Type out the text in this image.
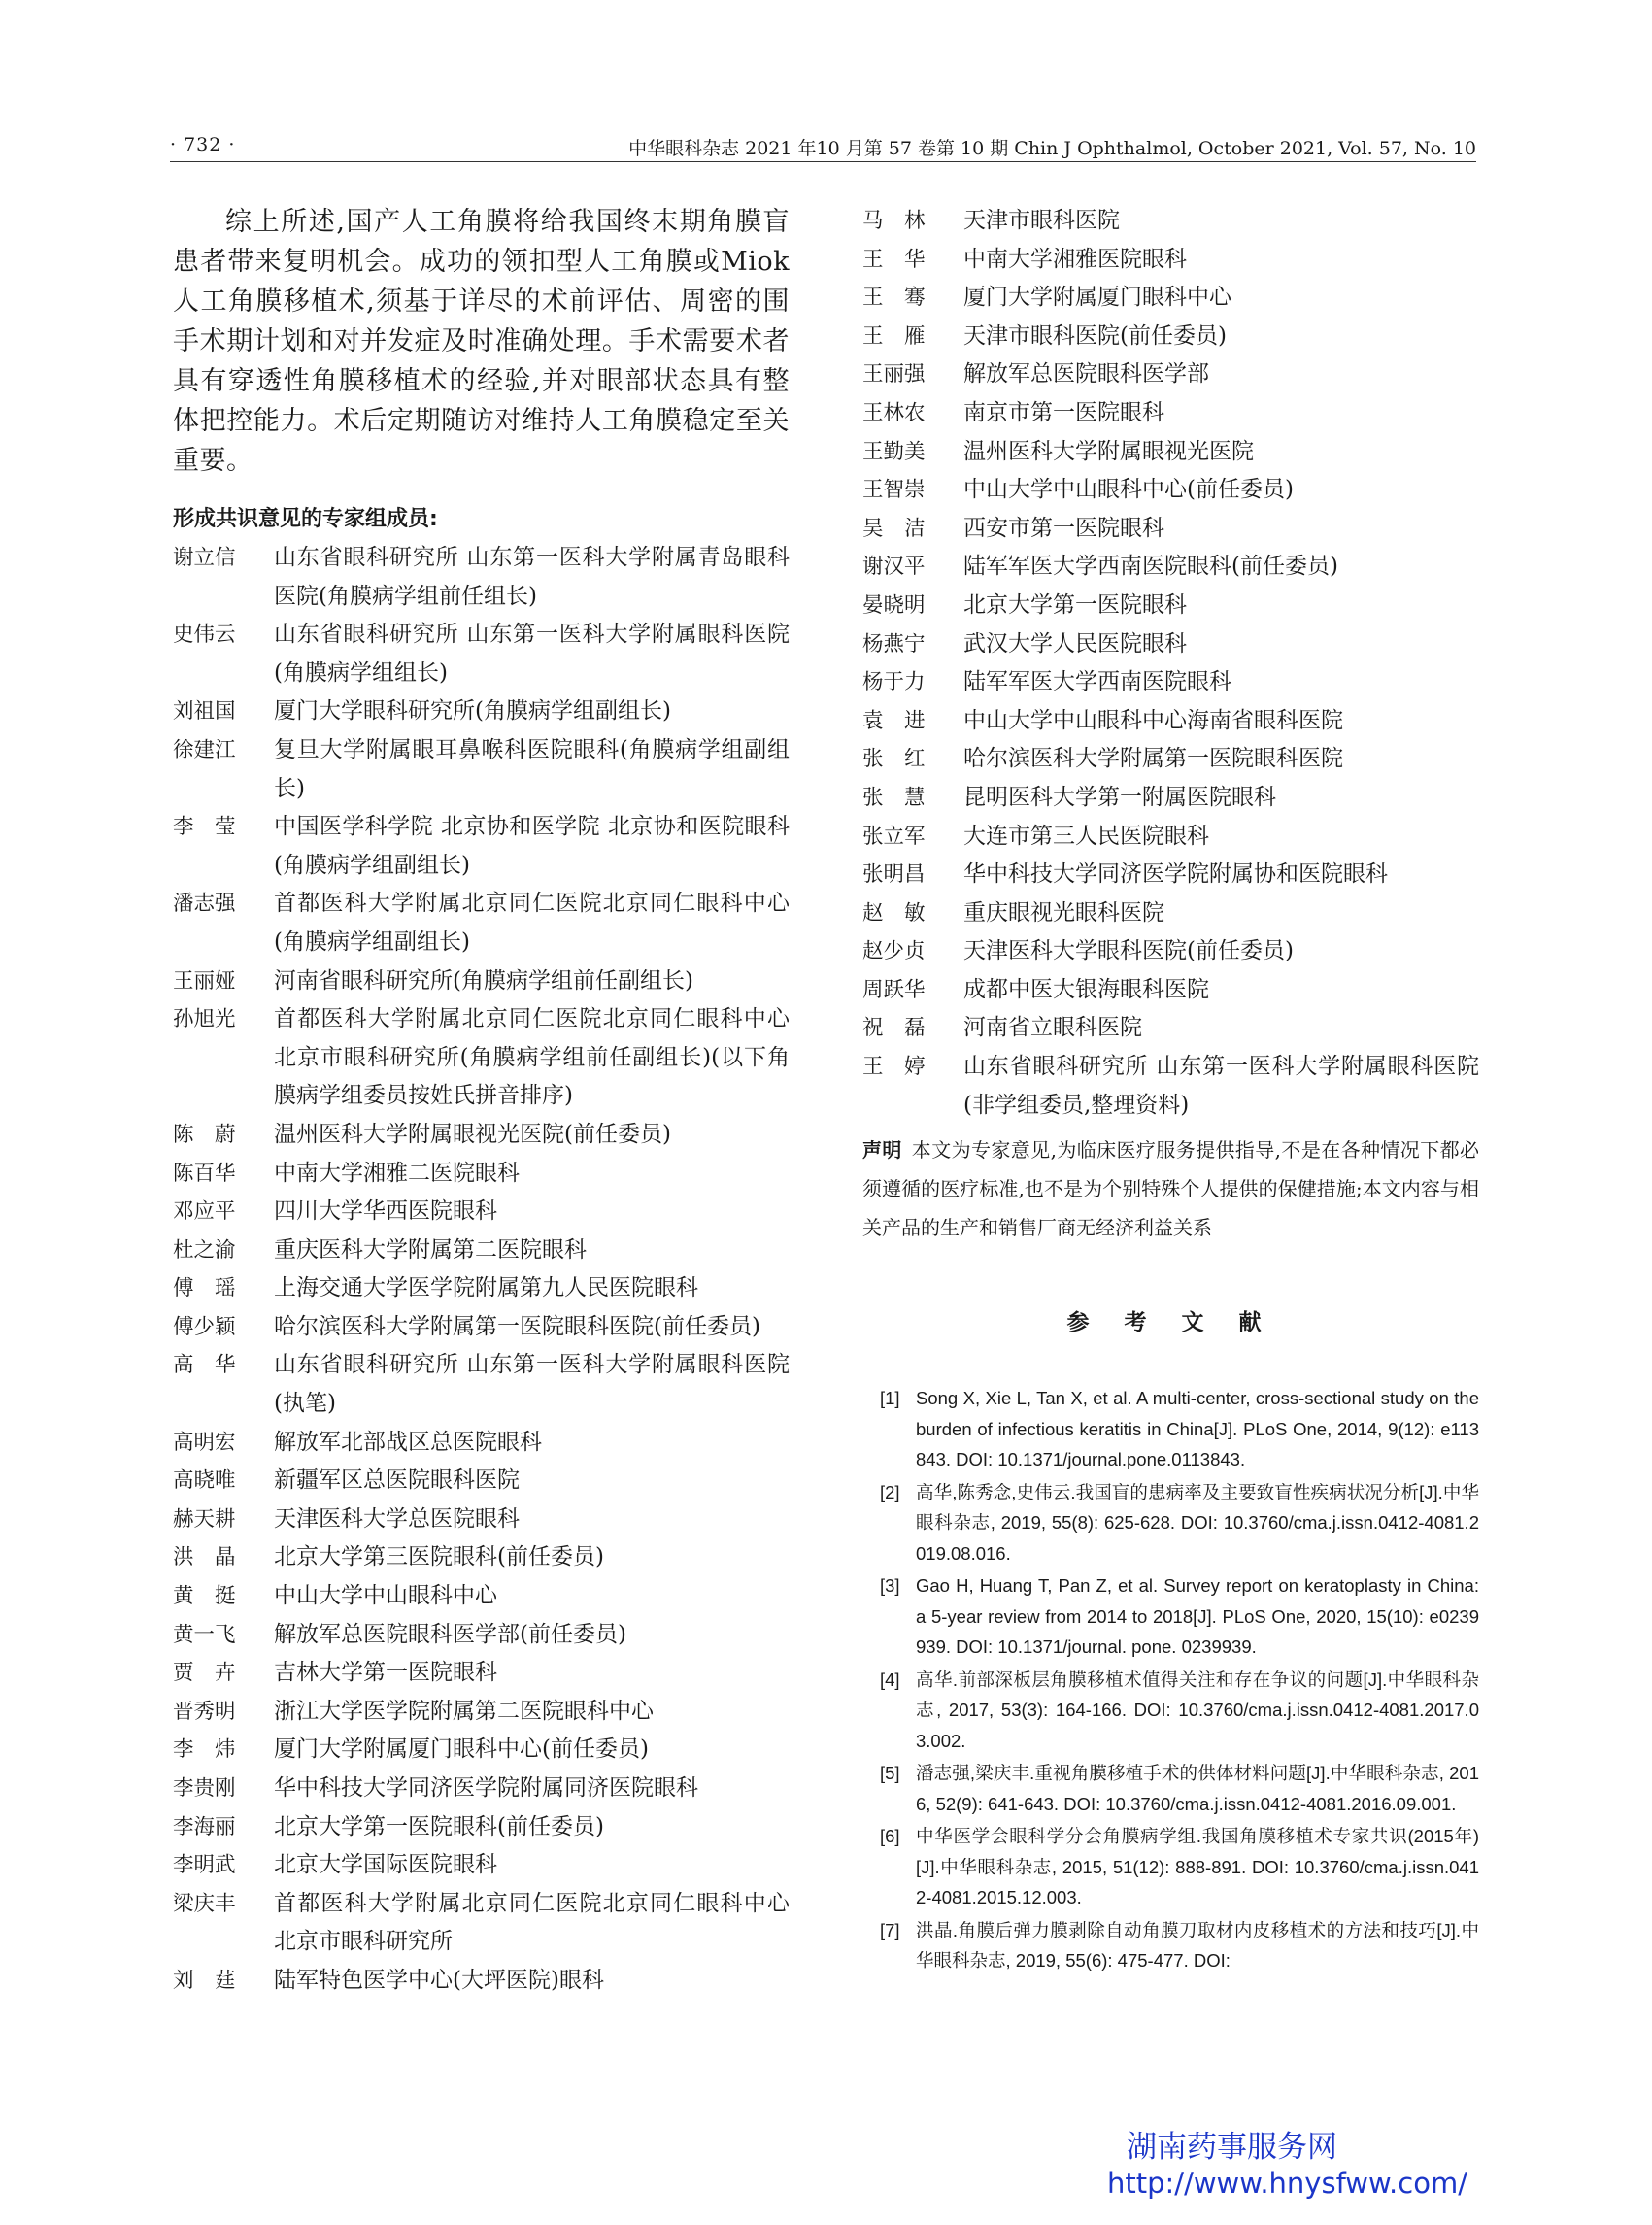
· 732 ·	中华眼科杂志 2021 年10 月第 57 卷第 10 期 Chin J Ophthalmol, October 2021, Vol. 57, No. 10

综上所述,国产人工角膜将给我国终末期角膜盲患者带来复明机会。成功的领扣型人工角膜或Miok人工角膜移植术,须基于详尽的术前评估、周密的围手术期计划和对并发症及时准确处理。手术需要术者具有穿透性角膜移植术的经验,并对眼部状态具有整体把控能力。术后定期随访对维持人工角膜稳定至关重要。

形成共识意见的专家组成员:
谢立信	山东省眼科研究所 山东第一医科大学附属青岛眼科医院(角膜病学组前任组长)
史伟云	山东省眼科研究所 山东第一医科大学附属眼科医院(角膜病学组组长)
刘祖国	厦门大学眼科研究所(角膜病学组副组长)
徐建江	复旦大学附属眼耳鼻喉科医院眼科(角膜病学组副组长)
李　莹	中国医学科学院 北京协和医学院 北京协和医院眼科(角膜病学组副组长)
潘志强	首都医科大学附属北京同仁医院北京同仁眼科中心(角膜病学组副组长)
王丽娅	河南省眼科研究所(角膜病学组前任副组长)
孙旭光	首都医科大学附属北京同仁医院北京同仁眼科中心 北京市眼科研究所(角膜病学组前任副组长)(以下角膜病学组委员按姓氏拼音排序)
陈　蔚	温州医科大学附属眼视光医院(前任委员)
陈百华	中南大学湘雅二医院眼科
邓应平	四川大学华西医院眼科
杜之渝	重庆医科大学附属第二医院眼科
傅　瑶	上海交通大学医学院附属第九人民医院眼科
傅少颖	哈尔滨医科大学附属第一医院眼科医院(前任委员)
高　华	山东省眼科研究所 山东第一医科大学附属眼科医院(执笔)
高明宏	解放军北部战区总医院眼科
高晓唯	新疆军区总医院眼科医院
赫天耕	天津医科大学总医院眼科
洪　晶	北京大学第三医院眼科(前任委员)
黄　挺	中山大学中山眼科中心
黄一飞	解放军总医院眼科医学部(前任委员)
贾　卉	吉林大学第一医院眼科
晋秀明	浙江大学医学院附属第二医院眼科中心
李　炜	厦门大学附属厦门眼科中心(前任委员)
李贵刚	华中科技大学同济医学院附属同济医院眼科
李海丽	北京大学第一医院眼科(前任委员)
李明武	北京大学国际医院眼科
梁庆丰	首都医科大学附属北京同仁医院北京同仁眼科中心 北京市眼科研究所
刘　莛	陆军特色医学中心(大坪医院)眼科
马　林	天津市眼科医院
王　华	中南大学湘雅医院眼科
王　骞	厦门大学附属厦门眼科中心
王　雁	天津市眼科医院(前任委员)
王丽强	解放军总医院眼科医学部
王林农	南京市第一医院眼科
王勤美	温州医科大学附属眼视光医院
王智崇	中山大学中山眼科中心(前任委员)
吴　洁	西安市第一医院眼科
谢汉平	陆军军医大学西南医院眼科(前任委员)
晏晓明	北京大学第一医院眼科
杨燕宁	武汉大学人民医院眼科
杨于力	陆军军医大学西南医院眼科
袁　进	中山大学中山眼科中心海南省眼科医院
张　红	哈尔滨医科大学附属第一医院眼科医院
张　慧	昆明医科大学第一附属医院眼科
张立军	大连市第三人民医院眼科
张明昌	华中科技大学同济医学院附属协和医院眼科
赵　敏	重庆眼视光眼科医院
赵少贞	天津医科大学眼科医院(前任委员)
周跃华	成都中医大银海眼科医院
祝　磊	河南省立眼科医院
王　婷	山东省眼科研究所 山东第一医科大学附属眼科医院(非学组委员,整理资料)
声明 本文为专家意见,为临床医疗服务提供指导,不是在各种情况下都必须遵循的医疗标准,也不是为个别特殊个人提供的保健措施;本文内容与相关产品的生产和销售厂商无经济利益关系
参 考 文 献
[1] Song X, Xie L, Tan X, et al. A multi-center, cross-sectional study on the burden of infectious keratitis in China[J]. PLoS One, 2014, 9(12): e113843. DOI: 10.1371/journal.pone.0113843.
[2] 高华,陈秀念,史伟云.我国盲的患病率及主要致盲性疾病状况分析[J].中华眼科杂志, 2019, 55(8): 625-628. DOI: 10.3760/cma.j.issn.0412-4081.2019.08.016.
[3] Gao H, Huang T, Pan Z, et al. Survey report on keratoplasty in China: a 5-year review from 2014 to 2018[J]. PLoS One, 2020, 15(10): e0239939. DOI: 10.1371/journal. pone. 0239939.
[4] 高华.前部深板层角膜移植术值得关注和存在争议的问题[J].中华眼科杂志, 2017, 53(3): 164-166. DOI: 10.3760/cma.j.issn.0412-4081.2017.03.002.
[5] 潘志强,梁庆丰.重视角膜移植手术的供体材料问题[J].中华眼科杂志, 2016, 52(9): 641-643. DOI: 10.3760/cma.j.issn.0412-4081.2016.09.001.
[6] 中华医学会眼科学分会角膜病学组.我国角膜移植术专家共识(2015年)[J].中华眼科杂志, 2015, 51(12): 888-891. DOI: 10.3760/cma.j.issn.0412-4081.2015.12.003.
[7] 洪晶.角膜后弹力膜剥除自动角膜刀取材内皮移植术的方法和技巧[J].中华眼科杂志, 2019, 55(6): 475-477. DOI:
湖南药事服务网
http://www.hnysfww.com/
